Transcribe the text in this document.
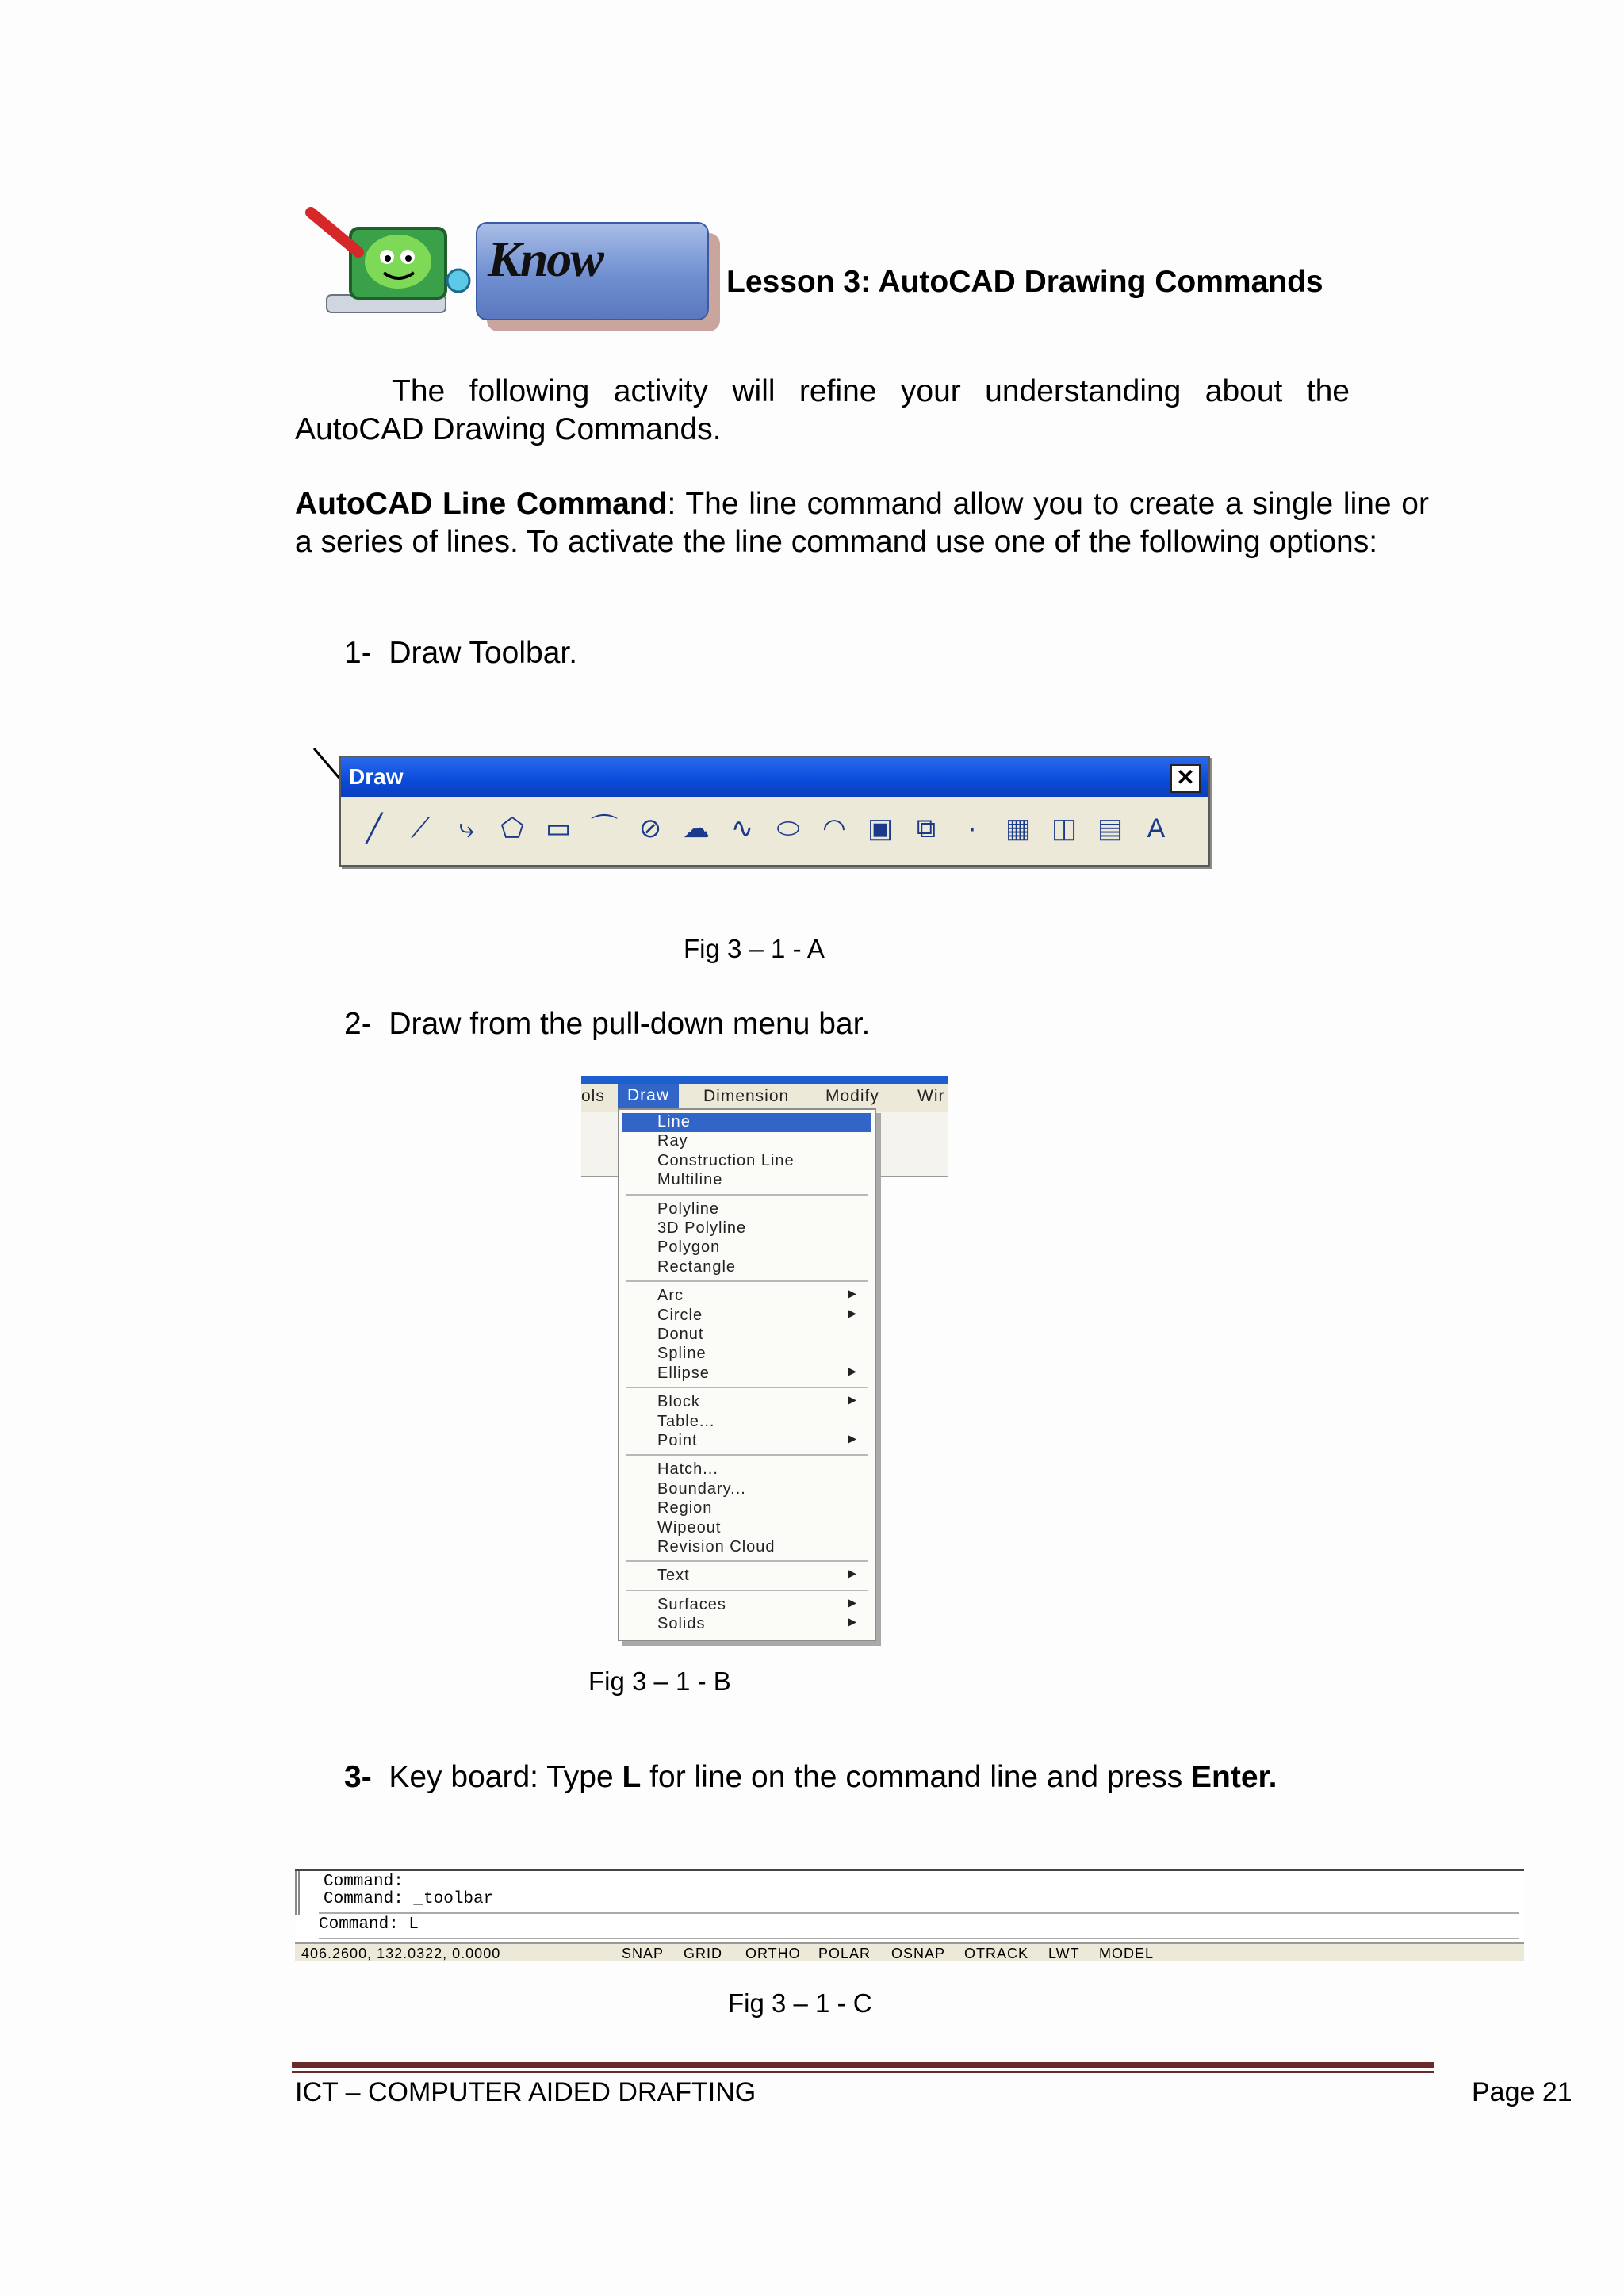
Know	Lesson 3: AutoCAD Drawing Commands
The following activity will refine your understanding about the AutoCAD Drawing Commands.
AutoCAD Line Command: The line command allow you to create a single line or a series of lines. To activate the line command use one of the following options:
1- Draw Toolbar.
Draw	✕
╱ ⟋ ⤷ ⬠ ▭ ⌒ ⊘ ☁ ∿ ⬭ ◠ ▣ ⧉ · ▦ ◫ ▤ A
Fig 3 – 1 - A
2- Draw from the pull-down menu bar.
ols	Draw	Dimension Modify Wir
Line
Ray
Construction Line
Multiline
Polyline
3D Polyline
Polygon
Rectangle
Arc	▶
Circle	▶
Donut
Spline
Ellipse	▶
Block	▶
Table...
Point	▶
Hatch...
Boundary...
Region
Wipeout
Revision Cloud
Text	▶
Surfaces	▶
Solids	▶
Fig 3 – 1 - B
3- Key board: Type L for line on the command line and press Enter.
Command:
Command: _toolbar
Command: L
406.2600, 132.0322, 0.0000	SNAP GRID ORTHO POLAR OSNAP OTRACK LWT MODEL
Fig 3 – 1 - C
ICT – COMPUTER AIDED DRAFTING	Page 21
